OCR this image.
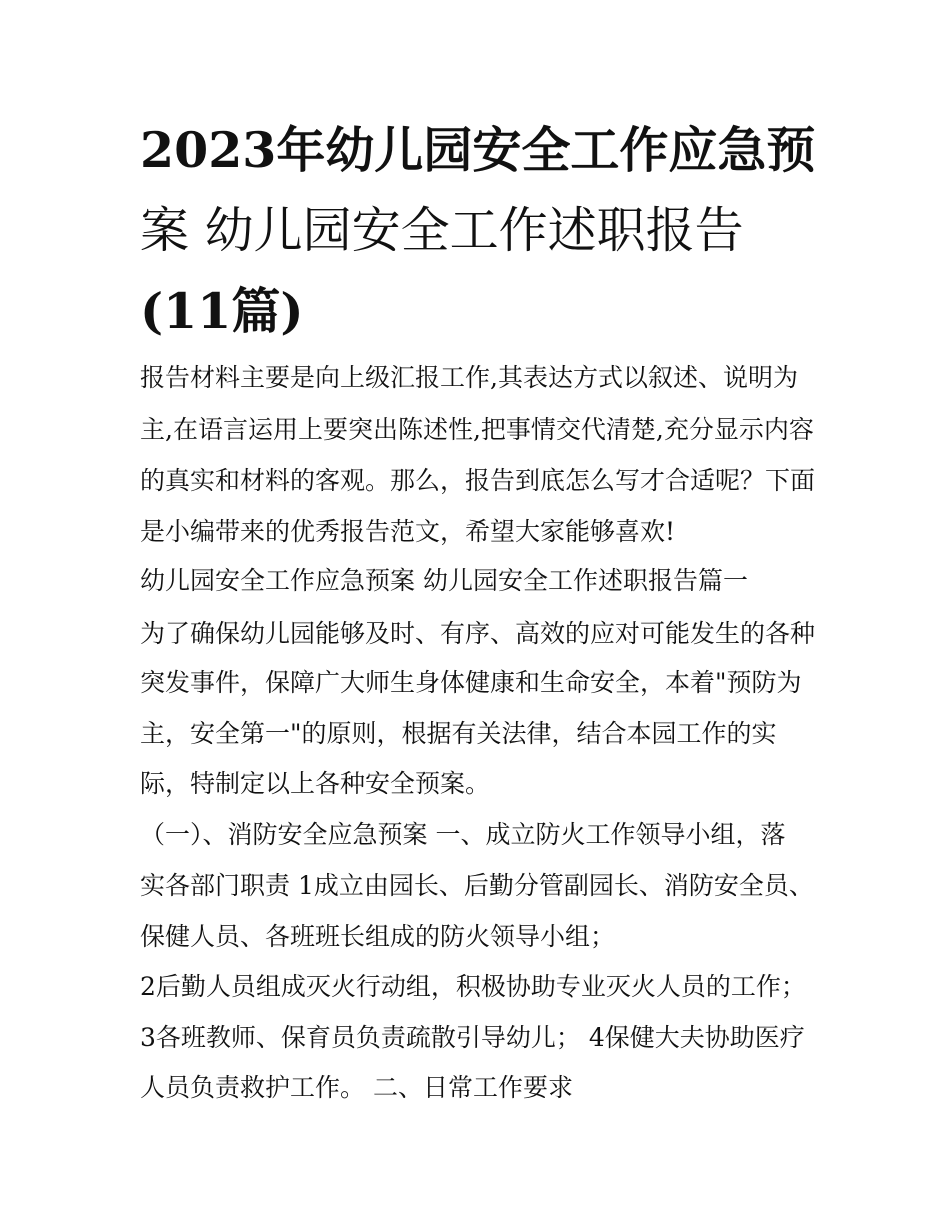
2023年幼儿园安全工作应急预
案 幼儿园安全工作述职报告
(11篇)
报告材料主要是向上级汇报工作,其表达方式以叙述、说明为
主,在语言运用上要突出陈述性,把事情交代清楚,充分显示内容
的真实和材料的客观。那么，报告到底怎么写才合适呢？下面
是小编带来的优秀报告范文，希望大家能够喜欢!
幼儿园安全工作应急预案 幼儿园安全工作述职报告篇一
为了确保幼儿园能够及时、有序、高效的应对可能发生的各种
突发事件，保障广大师生身体健康和生命安全，本着"预防为
主，安全第一"的原则，根据有关法律，结合本园工作的实
际，特制定以上各种安全预案。
（一）、消防安全应急预案 一、成立防火工作领导小组，落
实各部门职责 1成立由园长、后勤分管副园长、消防安全员、
保健人员、各班班长组成的防火领导小组；
2后勤人员组成灭火行动组，积极协助专业灭火人员的工作；
3各班教师、保育员负责疏散引导幼儿； 4保健大夫协助医疗
人员负责救护工作。 二、日常工作要求
